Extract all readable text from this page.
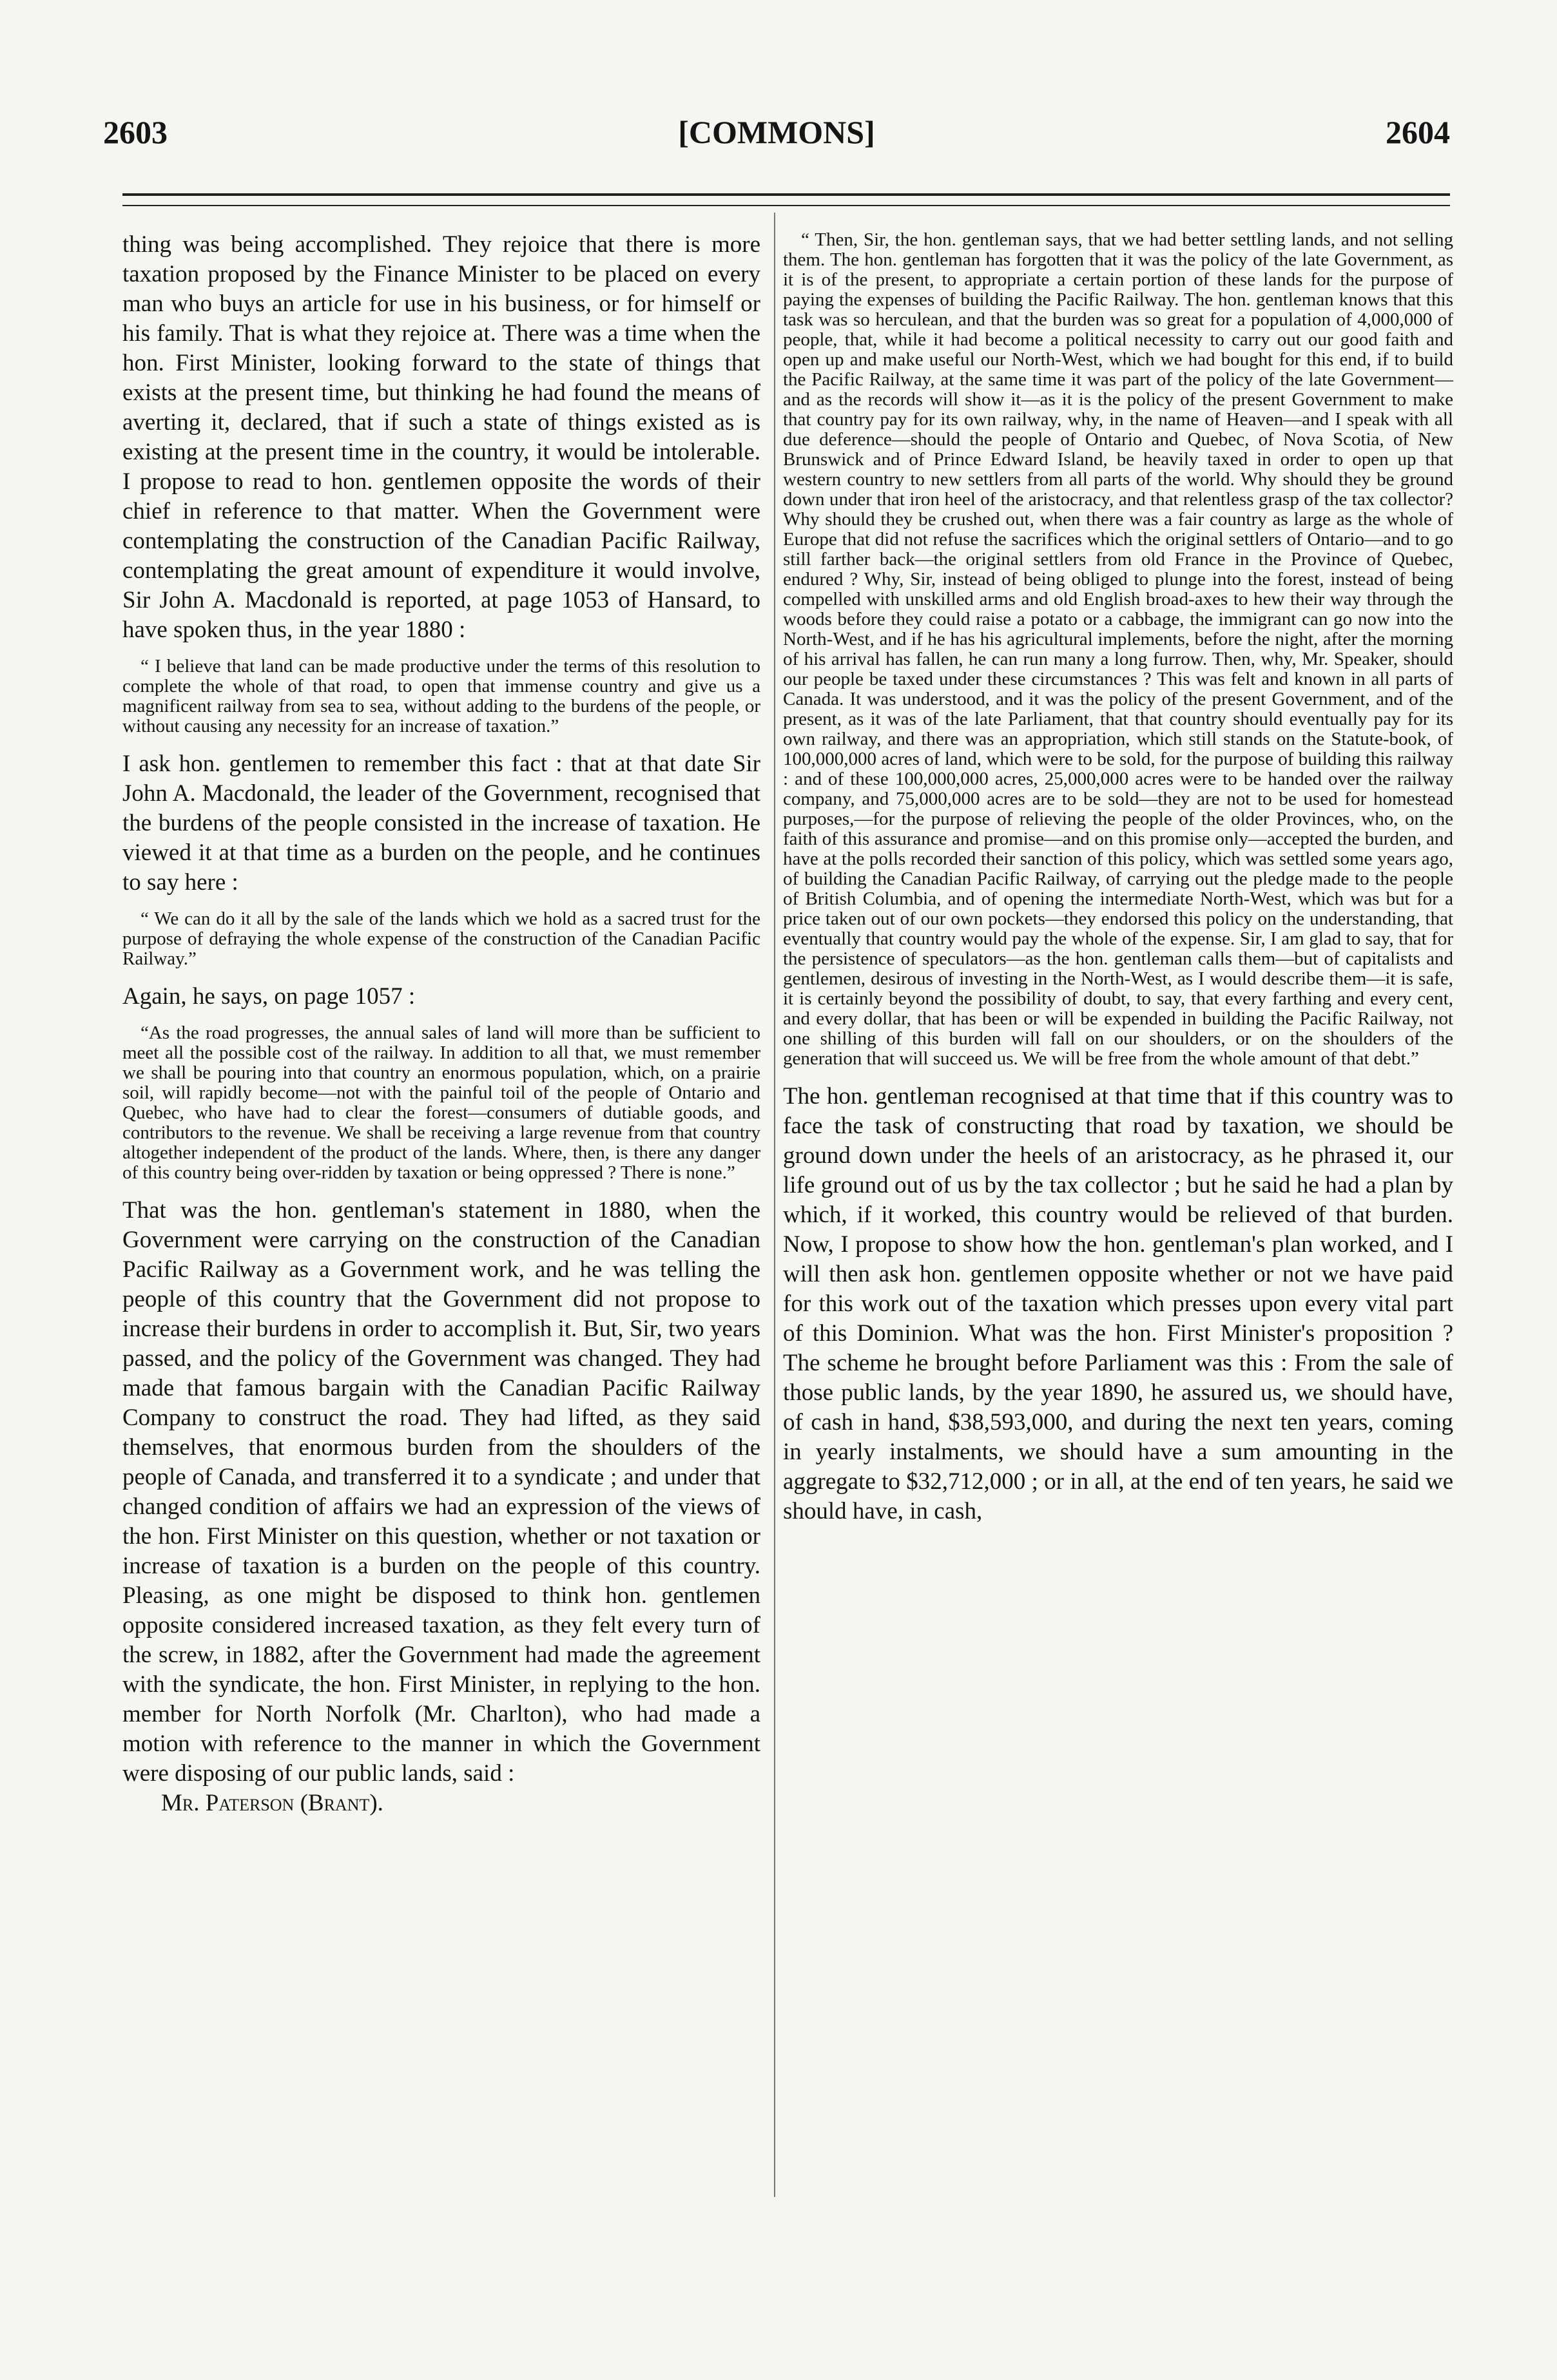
2603	[COMMONS]	2604

thing was being accomplished. They rejoice that there is more taxation proposed by the Finance Minister to be placed on every man who buys an article for use in his business, or for himself or his family. That is what they rejoice at. There was a time when the hon. First Minister, looking forward to the state of things that exists at the present time, but thinking he had found the means of averting it, declared, that if such a state of things existed as is existing at the present time in the country, it would be intolerable. I propose to read to hon. gentlemen opposite the words of their chief in reference to that matter. When the Government were contemplating the construction of the Canadian Pacific Railway, contemplating the great amount of expenditure it would involve, Sir John A. Macdonald is reported, at page 1053 of Hansard, to have spoken thus, in the year 1880 :

“ I believe that land can be made productive under the terms of this resolution to complete the whole of that road, to open that immense country and give us a magnificent railway from sea to sea, without adding to the burdens of the people, or without causing any necessity for an increase of taxation.”

I ask hon. gentlemen to remember this fact : that at that date Sir John A. Macdonald, the leader of the Government, recognised that the burdens of the people consisted in the increase of taxation. He viewed it at that time as a burden on the people, and he continues to say here :

“ We can do it all by the sale of the lands which we hold as a sacred trust for the purpose of defraying the whole expense of the construction of the Canadian Pacific Railway.”

Again, he says, on page 1057 :

“As the road progresses, the annual sales of land will more than be sufficient to meet all the possible cost of the railway. In addition to all that, we must remember we shall be pouring into that country an enormous population, which, on a prairie soil, will rapidly become—not with the painful toil of the people of Ontario and Quebec, who have had to clear the forest—consumers of dutiable goods, and contributors to the revenue. We shall be receiving a large revenue from that country altogether independent of the product of the lands. Where, then, is there any danger of this country being over-ridden by taxation or being oppressed ? There is none.”

That was the hon. gentleman's statement in 1880, when the Government were carrying on the construction of the Canadian Pacific Railway as a Government work, and he was telling the people of this country that the Government did not propose to increase their burdens in order to accomplish it. But, Sir, two years passed, and the policy of the Government was changed. They had made that famous bargain with the Canadian Pacific Railway Company to construct the road. They had lifted, as they said themselves, that enormous burden from the shoulders of the people of Canada, and transferred it to a syndicate ; and under that changed condition of affairs we had an expression of the views of the hon. First Minister on this question, whether or not taxation or increase of taxation is a burden on the people of this country. Pleasing, as one might be disposed to think hon. gentlemen opposite considered increased taxation, as they felt every turn of the screw, in 1882, after the Government had made the agreement with the syndicate, the hon. First Minister, in replying to the hon. member for North Norfolk (Mr. Charlton), who had made a motion with reference to the manner in which the Government were disposing of our public lands, said :

Mr. Paterson (Brant).

“ Then, Sir, the hon. gentleman says, that we had better settling lands, and not selling them. The hon. gentleman has forgotten that it was the policy of the late Government, as it is of the present, to appropriate a certain portion of these lands for the purpose of paying the expenses of building the Pacific Railway. The hon. gentleman knows that this task was so herculean, and that the burden was so great for a population of 4,000,000 of people, that, while it had become a political necessity to carry out our good faith and open up and make useful our North-West, which we had bought for this end, if to build the Pacific Railway, at the same time it was part of the policy of the late Government—and as the records will show it—as it is the policy of the present Government to make that country pay for its own railway, why, in the name of Heaven—and I speak with all due deference—should the people of Ontario and Quebec, of Nova Scotia, of New Brunswick and of Prince Edward Island, be heavily taxed in order to open up that western country to new settlers from all parts of the world. Why should they be ground down under that iron heel of the aristocracy, and that relentless grasp of the tax collector? Why should they be crushed out, when there was a fair country as large as the whole of Europe that did not refuse the sacrifices which the original settlers of Ontario—and to go still farther back—the original settlers from old France in the Province of Quebec, endured ? Why, Sir, instead of being obliged to plunge into the forest, instead of being compelled with unskilled arms and old English broad-axes to hew their way through the woods before they could raise a potato or a cabbage, the immigrant can go now into the North-West, and if he has his agricultural implements, before the night, after the morning of his arrival has fallen, he can run many a long furrow. Then, why, Mr. Speaker, should our people be taxed under these circumstances ? This was felt and known in all parts of Canada. It was understood, and it was the policy of the present Government, and of the present, as it was of the late Parliament, that that country should eventually pay for its own railway, and there was an appropriation, which still stands on the Statute-book, of 100,000,000 acres of land, which were to be sold, for the purpose of building this railway : and of these 100,000,000 acres, 25,000,000 acres were to be handed over the railway company, and 75,000,000 acres are to be sold—they are not to be used for homestead purposes,—for the purpose of relieving the people of the older Provinces, who, on the faith of this assurance and promise—and on this promise only—accepted the burden, and have at the polls recorded their sanction of this policy, which was settled some years ago, of building the Canadian Pacific Railway, of carrying out the pledge made to the people of British Columbia, and of opening the intermediate North-West, which was but for a price taken out of our own pockets—they endorsed this policy on the understanding, that eventually that country would pay the whole of the expense. Sir, I am glad to say, that for the persistence of speculators—as the hon. gentleman calls them—but of capitalists and gentlemen, desirous of investing in the North-West, as I would describe them—it is safe, it is certainly beyond the possibility of doubt, to say, that every farthing and every cent, and every dollar, that has been or will be expended in building the Pacific Railway, not one shilling of this burden will fall on our shoulders, or on the shoulders of the generation that will succeed us. We will be free from the whole amount of that debt.”

The hon. gentleman recognised at that time that if this country was to face the task of constructing that road by taxation, we should be ground down under the heels of an aristocracy, as he phrased it, our life ground out of us by the tax collector ; but he said he had a plan by which, if it worked, this country would be relieved of that burden. Now, I propose to show how the hon. gentleman's plan worked, and I will then ask hon. gentlemen opposite whether or not we have paid for this work out of the taxation which presses upon every vital part of this Dominion. What was the hon. First Minister's proposition ? The scheme he brought before Parliament was this : From the sale of those public lands, by the year 1890, he assured us, we should have, of cash in hand, $38,593,000, and during the next ten years, coming in yearly instalments, we should have a sum amounting in the aggregate to $32,712,000 ; or in all, at the end of ten years, he said we should have, in cash,
